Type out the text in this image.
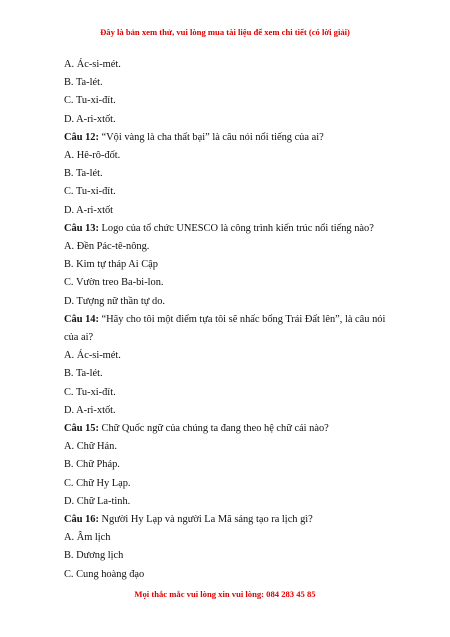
Đây là bản xem thử, vui lòng mua tài liệu để xem chi tiết (có lời giải)
A. Ác-si-mét.
B. Ta-lét.
C. Tu-xi-đít.
D. A-ri-xtốt.
Câu 12: “Vội vàng là cha thất bại” là câu nói nổi tiếng của ai?
A. Hê-rô-đốt.
B. Ta-lét.
C. Tu-xi-đít.
D. A-ri-xtốt
Câu 13: Logo của tổ chức UNESCO là công trình kiến trúc nổi tiếng nào?
A. Đền Pác-tê-nông.
B. Kim tự tháp Ai Cập
C. Vườn treo Ba-bi-lon.
D. Tượng nữ thần tự do.
Câu 14: “Hãy cho tôi một điểm tựa tôi sẽ nhấc bổng Trái Đất lên”, là câu nói của ai?
A. Ác-si-mét.
B. Ta-lét.
C. Tu-xi-đít.
D. A-ri-xtốt.
Câu 15: Chữ Quốc ngữ của chúng ta đang theo hệ chữ cái nào?
A. Chữ Hán.
B. Chữ Pháp.
C. Chữ Hy Lạp.
D. Chữ La-tinh.
Câu 16: Người Hy Lạp và người La Mã sáng tạo ra lịch gì?
A. Âm lịch
B. Dương lịch
C. Cung hoàng đạo
Mọi thắc mắc vui lòng xin vui lòng: 084 283 45 85
